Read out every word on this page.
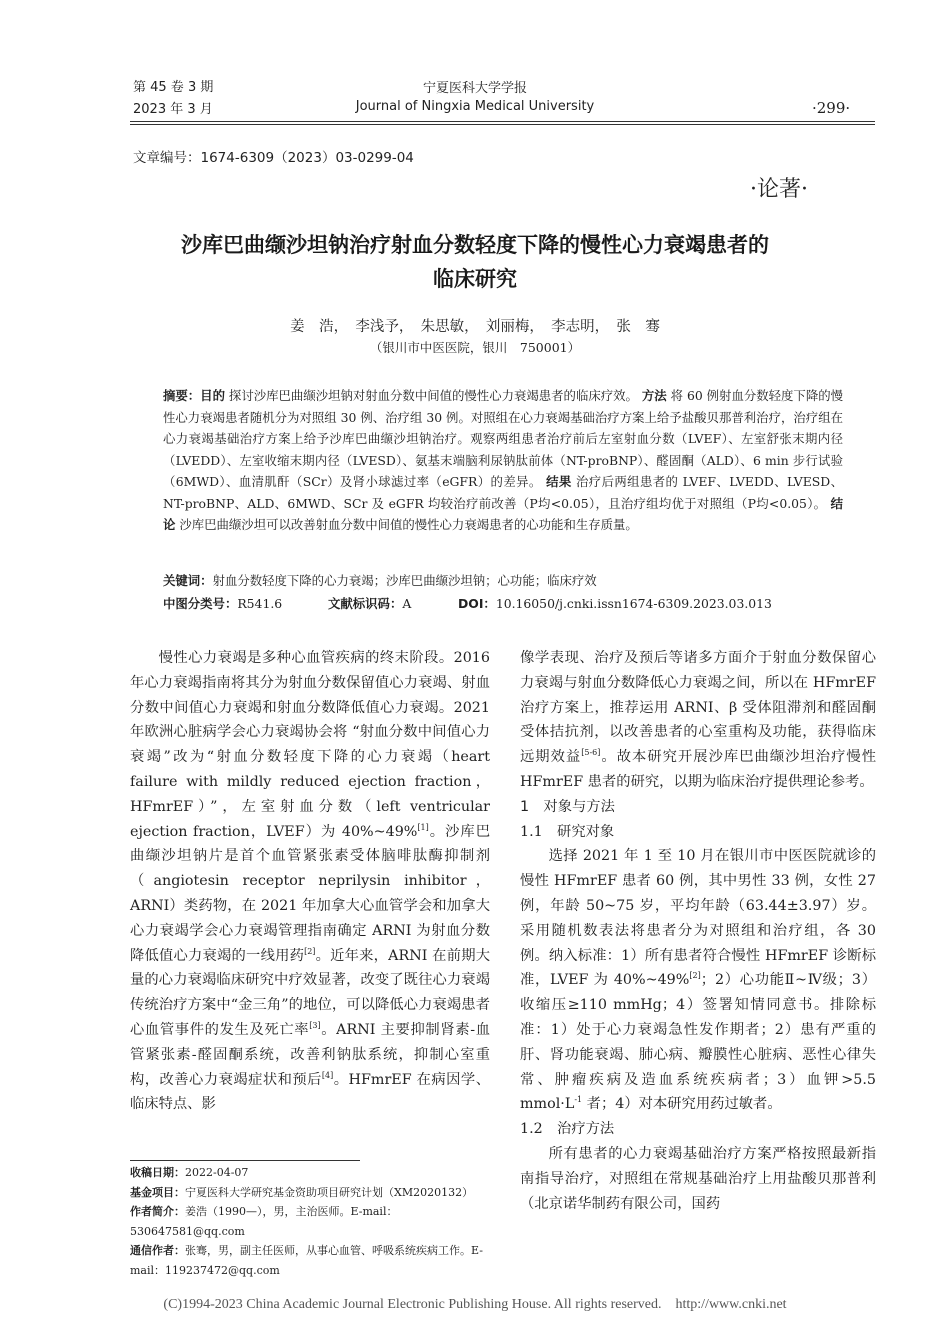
第 45 卷 3 期
2023 年 3 月
宁夏医科大学学报
Journal of Ningxia Medical University	·299·
文章编号：1674-6309（2023）03-0299-04
·论著·
沙库巴曲缬沙坦钠治疗射血分数轻度下降的慢性心力衰竭患者的
临床研究
姜　浩，　李浅予，　朱思敏，　刘丽梅，　李志明，　张　骞
（银川市中医医院，银川　750001）
摘要：目的 探讨沙库巴曲缬沙坦钠对射血分数中间值的慢性心力衰竭患者的临床疗效。 方法 将 60 例射血分数轻度下降的慢性心力衰竭患者随机分为对照组 30 例、治疗组 30 例。对照组在心力衰竭基础治疗方案上给予盐酸贝那普利治疗，治疗组在心力衰竭基础治疗方案上给予沙库巴曲缬沙坦钠治疗。观察两组患者治疗前后左室射血分数（LVEF）、左室舒张末期内径（LVEDD）、左室收缩末期内径（LVESD）、氨基末端脑利尿钠肽前体（NT-proBNP）、醛固酮（ALD）、6 min 步行试验（6MWD）、血清肌酐（SCr）及肾小球滤过率（eGFR）的差异。 结果 治疗后两组患者的 LVEF、LVEDD、LVESD、NT-proBNP、ALD、6MWD、SCr 及 eGFR 均较治疗前改善（P均<0.05），且治疗组均优于对照组（P均<0.05）。 结论 沙库巴曲缬沙坦可以改善射血分数中间值的慢性心力衰竭患者的心功能和生存质量。
关键词：射血分数轻度下降的心力衰竭；沙库巴曲缬沙坦钠；心功能；临床疗效
中图分类号：R541.6	文献标识码：A	DOI：10.16050/j.cnki.issn1674-6309.2023.03.013

慢性心力衰竭是多种心血管疾病的终末阶段。2016 年心力衰竭指南将其分为射血分数保留值心力衰竭、射血分数中间值心力衰竭和射血分数降低值心力衰竭。2021 年欧洲心脏病学会心力衰竭协会将 “射血分数中间值心力衰竭”改为“射血分数轻度下降的心力衰竭（heart failure with mildly reduced ejection fraction，HFmrEF）”，左室射血分数（left ventricular ejection fraction，LVEF）为 40%~49%[1]。沙库巴曲缬沙坦钠片是首个血管紧张素受体脑啡肽酶抑制剂（angiotesin receptor neprilysin inhibitor，ARNI）类药物，在 2021 年加拿大心血管学会和加拿大心力衰竭学会心力衰竭管理指南确定 ARNI 为射血分数降低值心力衰竭的一线用药[2]。近年来，ARNI 在前期大量的心力衰竭临床研究中疗效显著，改变了既往心力衰竭传统治疗方案中“金三角”的地位，可以降低心力衰竭患者心血管事件的发生及死亡率[3]。ARNI 主要抑制肾素-血管紧张素-醛固酮系统，改善利钠肽系统，抑制心室重构，改善心力衰竭症状和预后[4]。HFmrEF 在病因学、临床特点、影

收稿日期：2022-04-07
基金项目：宁夏医科大学研究基金资助项目研究计划（XM2020132）
作者简介：姜浩（1990—），男，主治医师。E-mail：530647581@qq.com
通信作者：张骞，男，副主任医师，从事心血管、呼吸系统疾病工作。E-mail：119237472@qq.com

像学表现、治疗及预后等诸多方面介于射血分数保留心力衰竭与射血分数降低心力衰竭之间，所以在 HFmrEF 治疗方案上，推荐运用 ARNI、β 受体阻滞剂和醛固酮受体拮抗剂，以改善患者的心室重构及功能，获得临床远期效益[5-6]。故本研究开展沙库巴曲缬沙坦治疗慢性HFmrEF 患者的研究，以期为临床治疗提供理论参考。

1　对象与方法

1.1　研究对象

选择 2021 年 1 至 10 月在银川市中医医院就诊的慢性 HFmrEF 患者 60 例，其中男性 33 例，女性 27 例，年龄 50~75 岁，平均年龄（63.44±3.97）岁。采用随机数表法将患者分为对照组和治疗组，各 30 例。纳入标准：1）所有患者符合慢性 HFmrEF 诊断标准，LVEF 为 40%~49%[2]；2）心功能Ⅱ~Ⅳ级；3）收缩压≥110 mmHg；4）签署知情同意书。排除标准：1）处于心力衰竭急性发作期者；2）患有严重的肝、肾功能衰竭、肺心病、瓣膜性心脏病、恶性心律失常、肿瘤疾病及造血系统疾病者；3）血钾>5.5 $mmol\cdot L^{-1}$ 者；4）对本研究用药过敏者。

1.2　治疗方法

所有患者的心力衰竭基础治疗方案严格按照最新指南指导治疗，对照组在常规基础治疗上用盐酸贝那普利（北京诺华制药有限公司，国药

(C)1994-2023 China Academic Journal Electronic Publishing House. All rights reserved.    http://www.cnki.net
